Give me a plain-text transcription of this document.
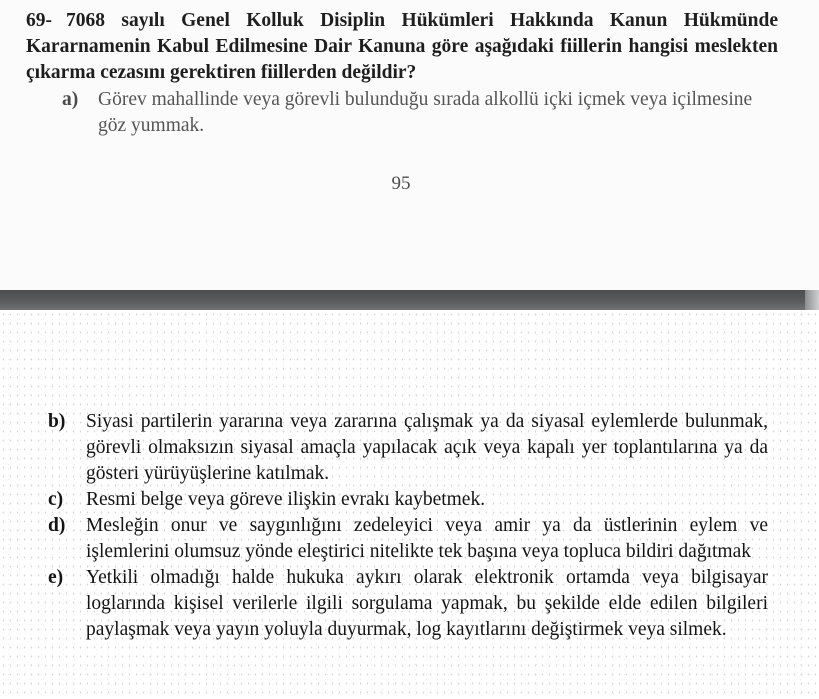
69- 7068 sayılı Genel Kolluk Disiplin Hükümleri Hakkında Kanun Hükmünde Kararnamenin Kabul Edilmesine Dair Kanuna göre aşağıdaki fiillerin hangisi meslekten çıkarma cezasını gerektiren fiillerden değildir?
a)	Görev mahallinde veya görevli bulunduğu sırada alkollü içki içmek veya içilmesine göz yummak.
95
b)	Siyasi partilerin yararına veya zararına çalışmak ya da siyasal eylemlerde bulunmak, görevli olmaksızın siyasal amaçla yapılacak açık veya kapalı yer toplantılarına ya da gösteri yürüyüşlerine katılmak.
c)	Resmi belge veya göreve ilişkin evrakı kaybetmek.
d)	Mesleğin onur ve saygınlığını zedeleyici veya amir ya da üstlerinin eylem ve işlemlerini olumsuz yönde eleştirici nitelikte tek başına veya topluca bildiri dağıtmak
e)	Yetkili olmadığı halde hukuka aykırı olarak elektronik ortamda veya bilgisayar loglarında kişisel verilerle ilgili sorgulama yapmak, bu şekilde elde edilen bilgileri paylaşmak veya yayın yoluyla duyurmak, log kayıtlarını değiştirmek veya silmek.
